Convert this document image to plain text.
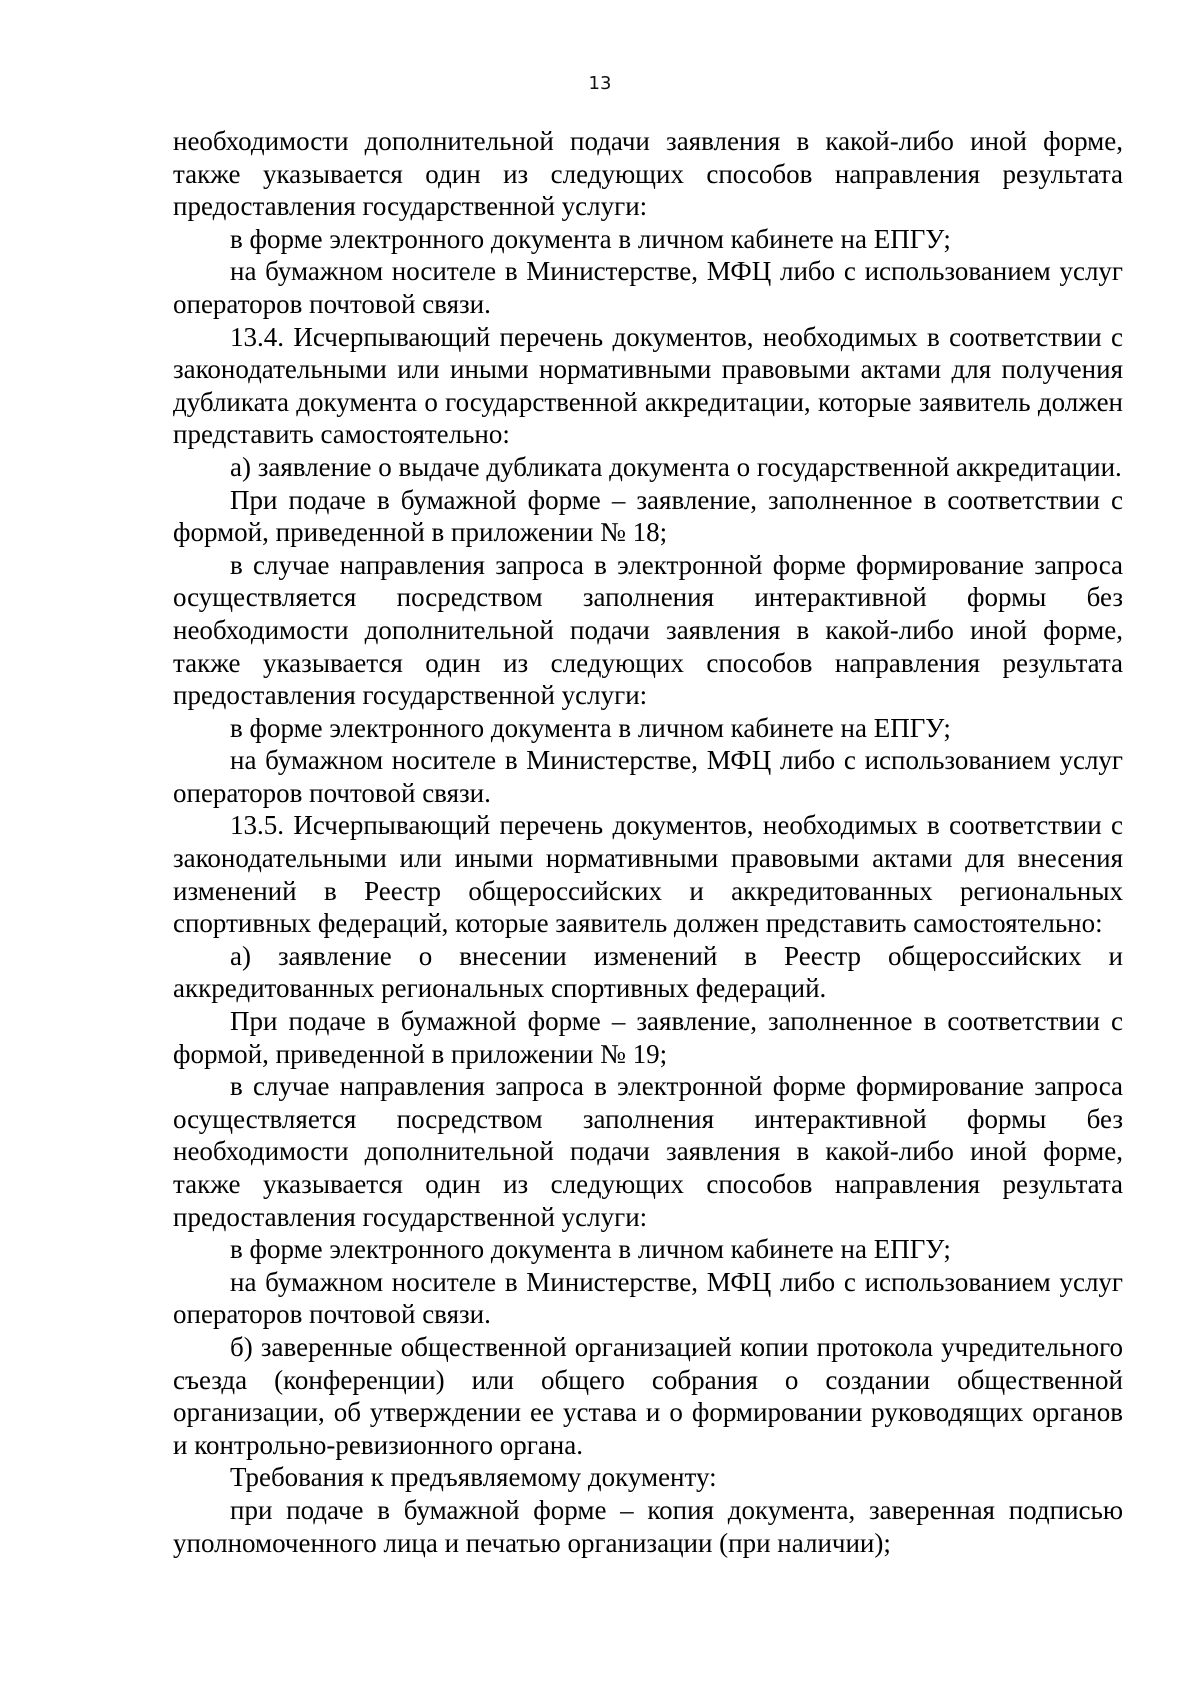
13

необходимости дополнительной подачи заявления в какой-либо иной форме, также указывается один из следующих способов направления результата предоставления государственной услуги:

в форме электронного документа в личном кабинете на ЕПГУ;

на бумажном носителе в Министерстве, МФЦ либо с использованием услуг операторов почтовой связи.

13.4. Исчерпывающий перечень документов, необходимых в соответствии с законодательными или иными нормативными правовыми актами для получения дубликата документа о государственной аккредитации, которые заявитель должен представить самостоятельно:

а) заявление о выдаче дубликата документа о государственной аккредитации.

При подаче в бумажной форме – заявление, заполненное в соответствии с формой, приведенной в приложении № 18;

в случае направления запроса в электронной форме формирование запроса осуществляется посредством заполнения интерактивной формы без необходимости дополнительной подачи заявления в какой-либо иной форме, также указывается один из следующих способов направления результата предоставления государственной услуги:

в форме электронного документа в личном кабинете на ЕПГУ;

на бумажном носителе в Министерстве, МФЦ либо с использованием услуг операторов почтовой связи.

13.5. Исчерпывающий перечень документов, необходимых в соответствии с законодательными или иными нормативными правовыми актами для внесения изменений в Реестр общероссийских и аккредитованных региональных спортивных федераций, которые заявитель должен представить самостоятельно:

а) заявление о внесении изменений в Реестр общероссийских и аккредитованных региональных спортивных федераций.

При подаче в бумажной форме – заявление, заполненное в соответствии с формой, приведенной в приложении № 19;

в случае направления запроса в электронной форме формирование запроса осуществляется посредством заполнения интерактивной формы без необходимости дополнительной подачи заявления в какой-либо иной форме, также указывается один из следующих способов направления результата предоставления государственной услуги:

в форме электронного документа в личном кабинете на ЕПГУ;

на бумажном носителе в Министерстве, МФЦ либо с использованием услуг операторов почтовой связи.

б) заверенные общественной организацией копии протокола учредительного съезда (конференции) или общего собрания о создании общественной организации, об утверждении ее устава и о формировании руководящих органов и контрольно-ревизионного органа.

Требования к предъявляемому документу:

при подаче в бумажной форме – копия документа, заверенная подписью уполномоченного лица и печатью организации (при наличии);
